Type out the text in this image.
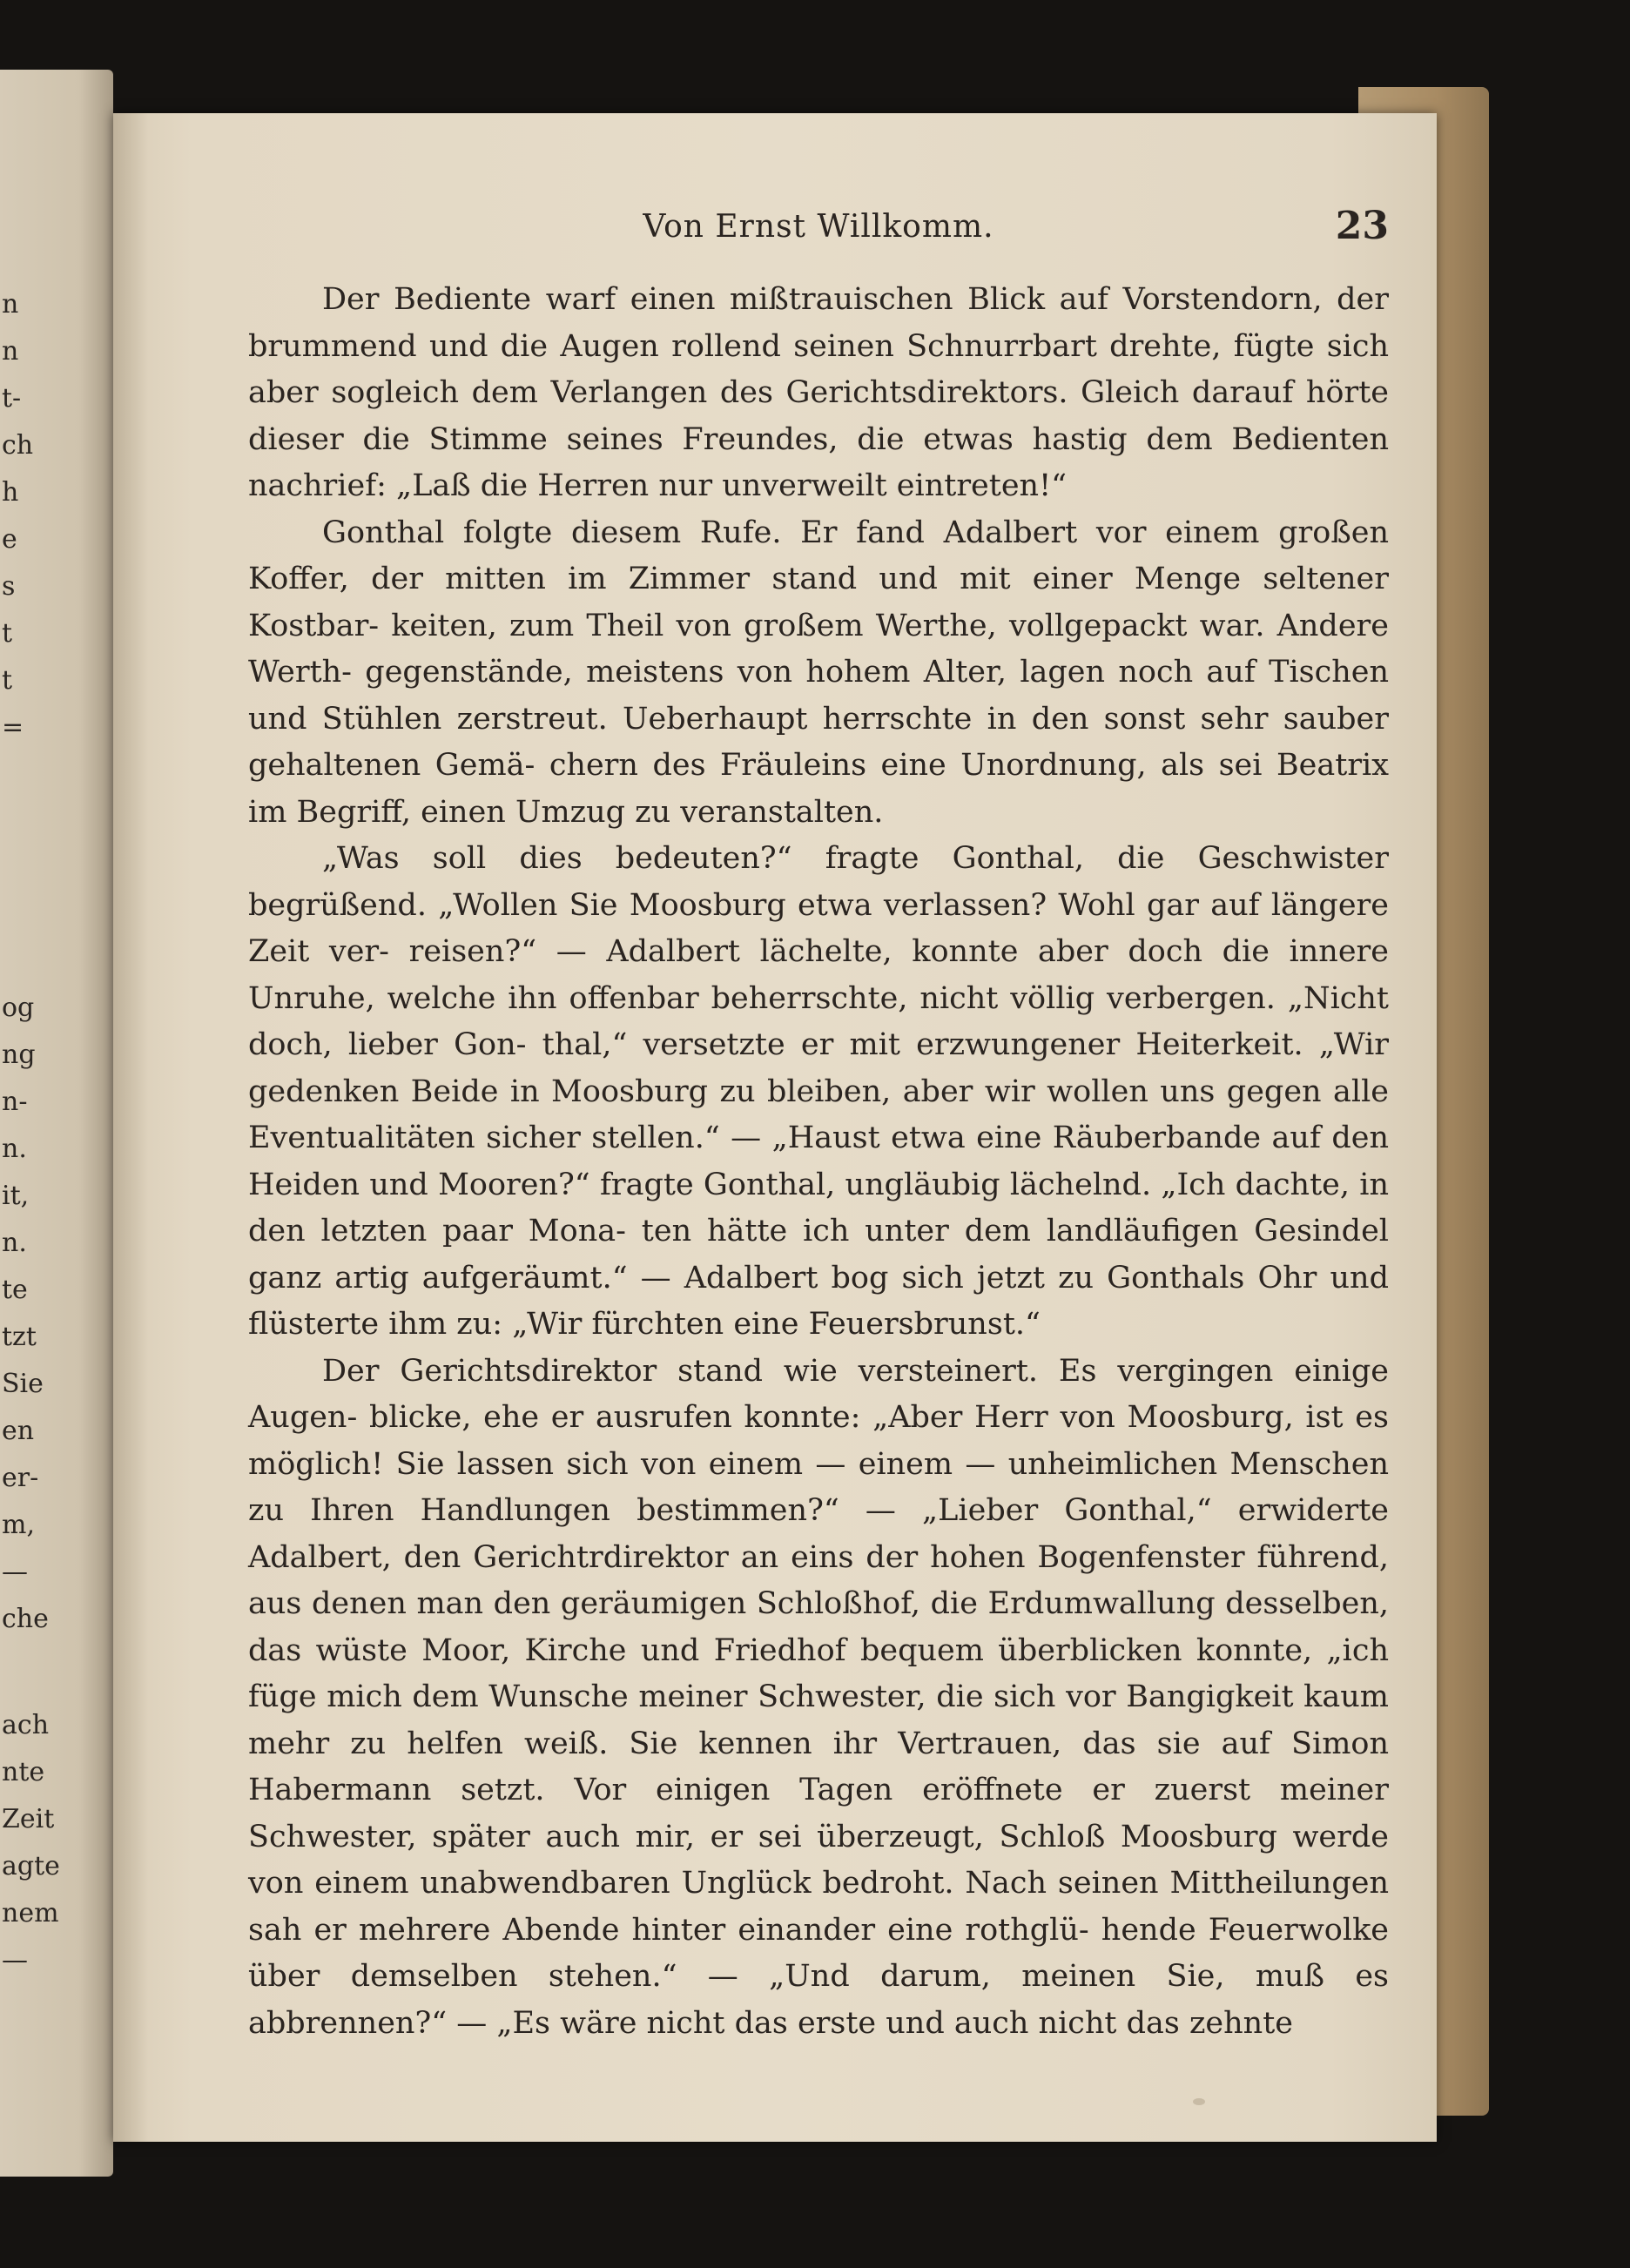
n
n
t-
ch
h
e
s
t
t
=
og
ng
n-
n.
it,
n.
te
tzt
Sie
en
er-
m,
—
che
ach
nte
Zeit
agte
nem
—
Von Ernst Willkomm.	23

Der Bediente warf einen mißtrauischen Blick auf Vorstendorn, der brummend und die Augen rollend seinen Schnurrbart drehte, fügte sich aber sogleich dem Verlangen des Gerichtsdirektors. Gleich darauf hörte dieser die Stimme seines Freundes, die etwas hastig dem Bedienten nachrief: „Laß die Herren nur unverweilt eintreten!“

Gonthal folgte diesem Rufe. Er fand Adalbert vor einem großen Koffer, der mitten im Zimmer stand und mit einer Menge seltener Kostbar- keiten, zum Theil von großem Werthe, vollgepackt war. Andere Werth- gegenstände, meistens von hohem Alter, lagen noch auf Tischen und Stühlen zerstreut. Ueberhaupt herrschte in den sonst sehr sauber gehaltenen Gemä- chern des Fräuleins eine Unordnung, als sei Beatrix im Begriff, einen Umzug zu veranstalten.

„Was soll dies bedeuten?“ fragte Gonthal, die Geschwister begrüßend. „Wollen Sie Moosburg etwa verlassen? Wohl gar auf längere Zeit ver- reisen?“ — Adalbert lächelte, konnte aber doch die innere Unruhe, welche ihn offenbar beherrschte, nicht völlig verbergen. „Nicht doch, lieber Gon- thal,“ versetzte er mit erzwungener Heiterkeit. „Wir gedenken Beide in Moosburg zu bleiben, aber wir wollen uns gegen alle Eventualitäten sicher stellen.“ — „Haust etwa eine Räuberbande auf den Heiden und Mooren?“ fragte Gonthal, ungläubig lächelnd. „Ich dachte, in den letzten paar Mona- ten hätte ich unter dem landläufigen Gesindel ganz artig aufgeräumt.“ — Adalbert bog sich jetzt zu Gonthals Ohr und flüsterte ihm zu: „Wir fürchten eine Feuersbrunst.“

Der Gerichtsdirektor stand wie versteinert. Es vergingen einige Augen- blicke, ehe er ausrufen konnte: „Aber Herr von Moosburg, ist es möglich! Sie lassen sich von einem — einem — unheimlichen Menschen zu Ihren Handlungen bestimmen?“ — „Lieber Gonthal,“ erwiderte Adalbert, den Gerichtrdirektor an eins der hohen Bogenfenster führend, aus denen man den geräumigen Schloßhof, die Erdumwallung desselben, das wüste Moor, Kirche und Friedhof bequem überblicken konnte, „ich füge mich dem Wunsche meiner Schwester, die sich vor Bangigkeit kaum mehr zu helfen weiß. Sie kennen ihr Vertrauen, das sie auf Simon Habermann setzt. Vor einigen Tagen eröffnete er zuerst meiner Schwester, später auch mir, er sei überzeugt, Schloß Moosburg werde von einem unabwendbaren Unglück bedroht. Nach seinen Mittheilungen sah er mehrere Abende hinter einander eine rothglü- hende Feuerwolke über demselben stehen.“ — „Und darum, meinen Sie, muß es abbrennen?“ — „Es wäre nicht das erste und auch nicht das zehnte
